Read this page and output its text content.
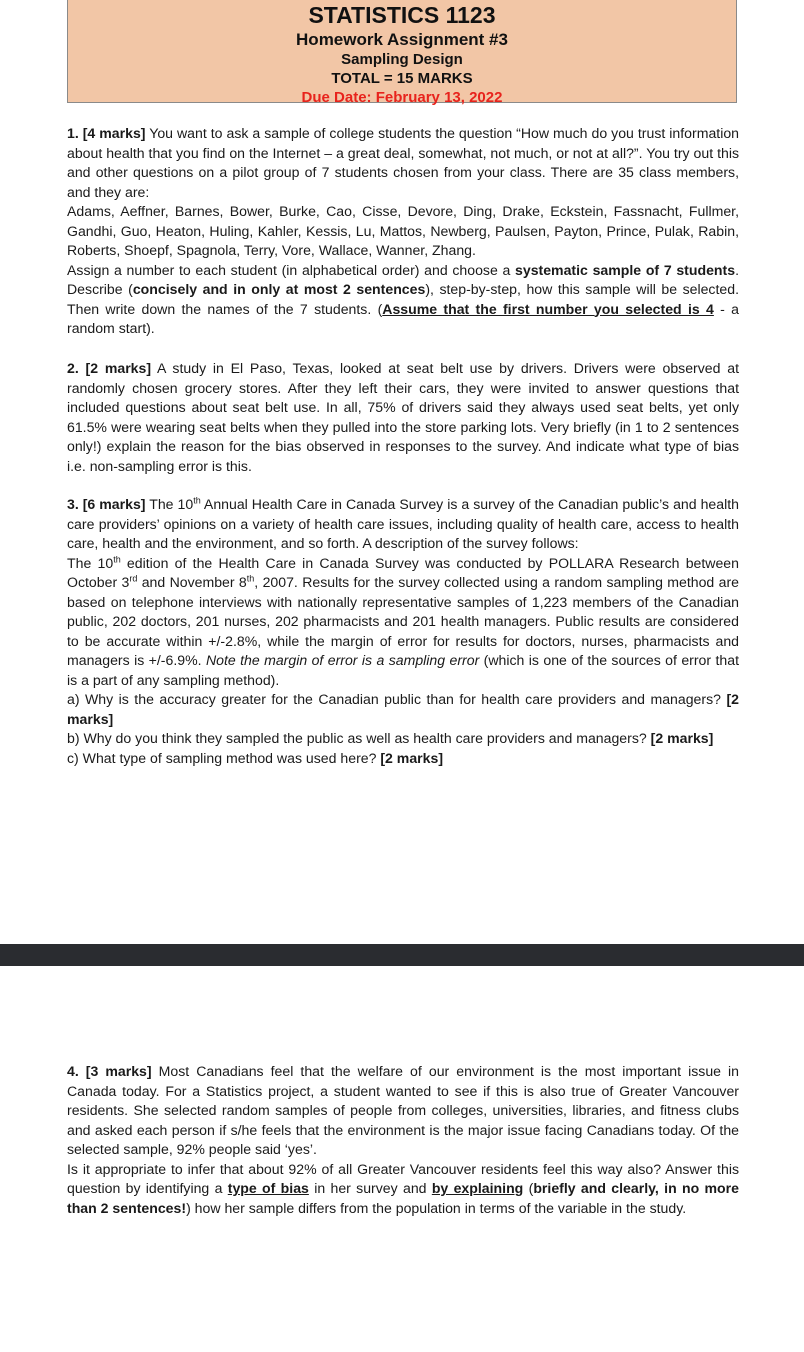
STATISTICS 1123
Homework Assignment #3
Sampling Design
TOTAL = 15 MARKS
Due Date: February 13, 2022

1. [4 marks] You want to ask a sample of college students the question “How much do you trust information about health that you find on the Internet – a great deal, somewhat, not much, or not at all?”. You try out this and other questions on a pilot group of 7 students chosen from your class. There are 35 class members, and they are:

Adams, Aeffner, Barnes, Bower, Burke, Cao, Cisse, Devore, Ding, Drake, Eckstein, Fassnacht, Fullmer, Gandhi, Guo, Heaton, Huling, Kahler, Kessis, Lu, Mattos, Newberg, Paulsen, Payton, Prince, Pulak, Rabin, Roberts, Shoepf, Spagnola, Terry, Vore, Wallace, Wanner, Zhang.

Assign a number to each student (in alphabetical order) and choose a systematic sample of 7 students. Describe (concisely and in only at most 2 sentences), step-by-step, how this sample will be selected. Then write down the names of the 7 students. (Assume that the first number you selected is 4 - a random start).

2. [2 marks] A study in El Paso, Texas, looked at seat belt use by drivers. Drivers were observed at randomly chosen grocery stores. After they left their cars, they were invited to answer questions that included questions about seat belt use. In all, 75% of drivers said they always used seat belts, yet only 61.5% were wearing seat belts when they pulled into the store parking lots. Very briefly (in 1 to 2 sentences only!) explain the reason for the bias observed in responses to the survey. And indicate what type of bias i.e. non-sampling error is this.

3. [6 marks] The 10th Annual Health Care in Canada Survey is a survey of the Canadian public’s and health care providers’ opinions on a variety of health care issues, including quality of health care, access to health care, health and the environment, and so forth. A description of the survey follows:

The 10th edition of the Health Care in Canada Survey was conducted by POLLARA Research between October 3rd and November 8th, 2007. Results for the survey collected using a random sampling method are based on telephone interviews with nationally representative samples of 1,223 members of the Canadian public, 202 doctors, 201 nurses, 202 pharmacists and 201 health managers. Public results are considered to be accurate within +/-2.8%, while the margin of error for results for doctors, nurses, pharmacists and managers is +/-6.9%. Note the margin of error is a sampling error (which is one of the sources of error that is a part of any sampling method).

a) Why is the accuracy greater for the Canadian public than for health care providers and managers? [2 marks]

b) Why do you think they sampled the public as well as health care providers and managers? [2 marks]

c) What type of sampling method was used here? [2 marks]

4. [3 marks] Most Canadians feel that the welfare of our environment is the most important issue in Canada today. For a Statistics project, a student wanted to see if this is also true of Greater Vancouver residents. She selected random samples of people from colleges, universities, libraries, and fitness clubs and asked each person if s/he feels that the environment is the major issue facing Canadians today. Of the selected sample, 92% people said ‘yes’.

Is it appropriate to infer that about 92% of all Greater Vancouver residents feel this way also? Answer this question by identifying a type of bias in her survey and by explaining (briefly and clearly, in no more than 2 sentences!) how her sample differs from the population in terms of the variable in the study.
